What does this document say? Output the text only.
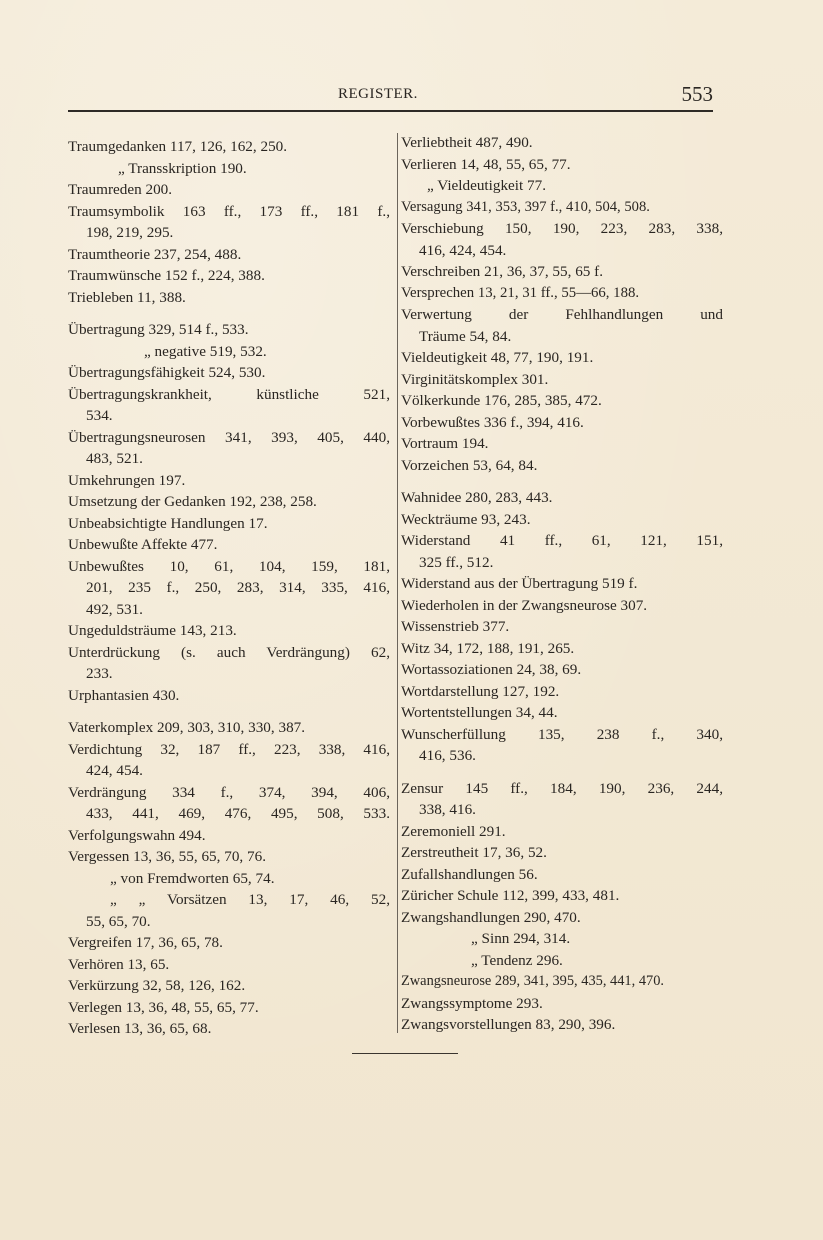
REGISTER.	553
Traumgedanken 117, 126, 162, 250.
„ Transskription 190.
Traumreden 200.
Traumsymbolik 163 ff., 173 ff., 181 f.,
198, 219, 295.
Traumtheorie 237, 254, 488.
Traumwünsche 152 f., 224, 388.
Triebleben 11, 388.
Übertragung 329, 514 f., 533.
„ negative 519, 532.
Übertragungsfähigkeit 524, 530.
Übertragungskrankheit, künstliche 521,
534.
Übertragungsneurosen 341, 393, 405, 440,
483, 521.
Umkehrungen 197.
Umsetzung der Gedanken 192, 238, 258.
Unbeabsichtigte Handlungen 17.
Unbewußte Affekte 477.
Unbewußtes 10, 61, 104, 159, 181,
201, 235 f., 250, 283, 314, 335, 416,
492, 531.
Ungeduldsträume 143, 213.
Unterdrückung (s. auch Verdrängung) 62,
233.
Urphantasien 430.
Vaterkomplex 209, 303, 310, 330, 387.
Verdichtung 32, 187 ff., 223, 338, 416,
424, 454.
Verdrängung 334 f., 374, 394, 406,
433, 441, 469, 476, 495, 508, 533.
Verfolgungswahn 494.
Vergessen 13, 36, 55, 65, 70, 76.
„ von Fremdworten 65, 74.
„ „ Vorsätzen 13, 17, 46, 52,
55, 65, 70.
Vergreifen 17, 36, 65, 78.
Verhören 13, 65.
Verkürzung 32, 58, 126, 162.
Verlegen 13, 36, 48, 55, 65, 77.
Verlesen 13, 36, 65, 68.
Verliebtheit 487, 490.
Verlieren 14, 48, 55, 65, 77.
„ Vieldeutigkeit 77.
Versagung 341, 353, 397 f., 410, 504, 508.
Verschiebung 150, 190, 223, 283, 338,
416, 424, 454.
Verschreiben 21, 36, 37, 55, 65 f.
Versprechen 13, 21, 31 ff., 55—66, 188.
Verwertung der Fehlhandlungen und
Träume 54, 84.
Vieldeutigkeit 48, 77, 190, 191.
Virginitätskomplex 301.
Völkerkunde 176, 285, 385, 472.
Vorbewußtes 336 f., 394, 416.
Vortraum 194.
Vorzeichen 53, 64, 84.
Wahnidee 280, 283, 443.
Weckträume 93, 243.
Widerstand 41 ff., 61, 121, 151,
325 ff., 512.
Widerstand aus der Übertragung 519 f.
Wiederholen in der Zwangsneurose 307.
Wissenstrieb 377.
Witz 34, 172, 188, 191, 265.
Wortassoziationen 24, 38, 69.
Wortdarstellung 127, 192.
Wortentstellungen 34, 44.
Wunscherfüllung 135, 238 f., 340,
416, 536.
Zensur 145 ff., 184, 190, 236, 244,
338, 416.
Zeremoniell 291.
Zerstreutheit 17, 36, 52.
Zufallshandlungen 56.
Züricher Schule 112, 399, 433, 481.
Zwangshandlungen 290, 470.
„ Sinn 294, 314.
„ Tendenz 296.
Zwangsneurose 289, 341, 395, 435, 441, 470.
Zwangssymptome 293.
Zwangsvorstellungen 83, 290, 396.
